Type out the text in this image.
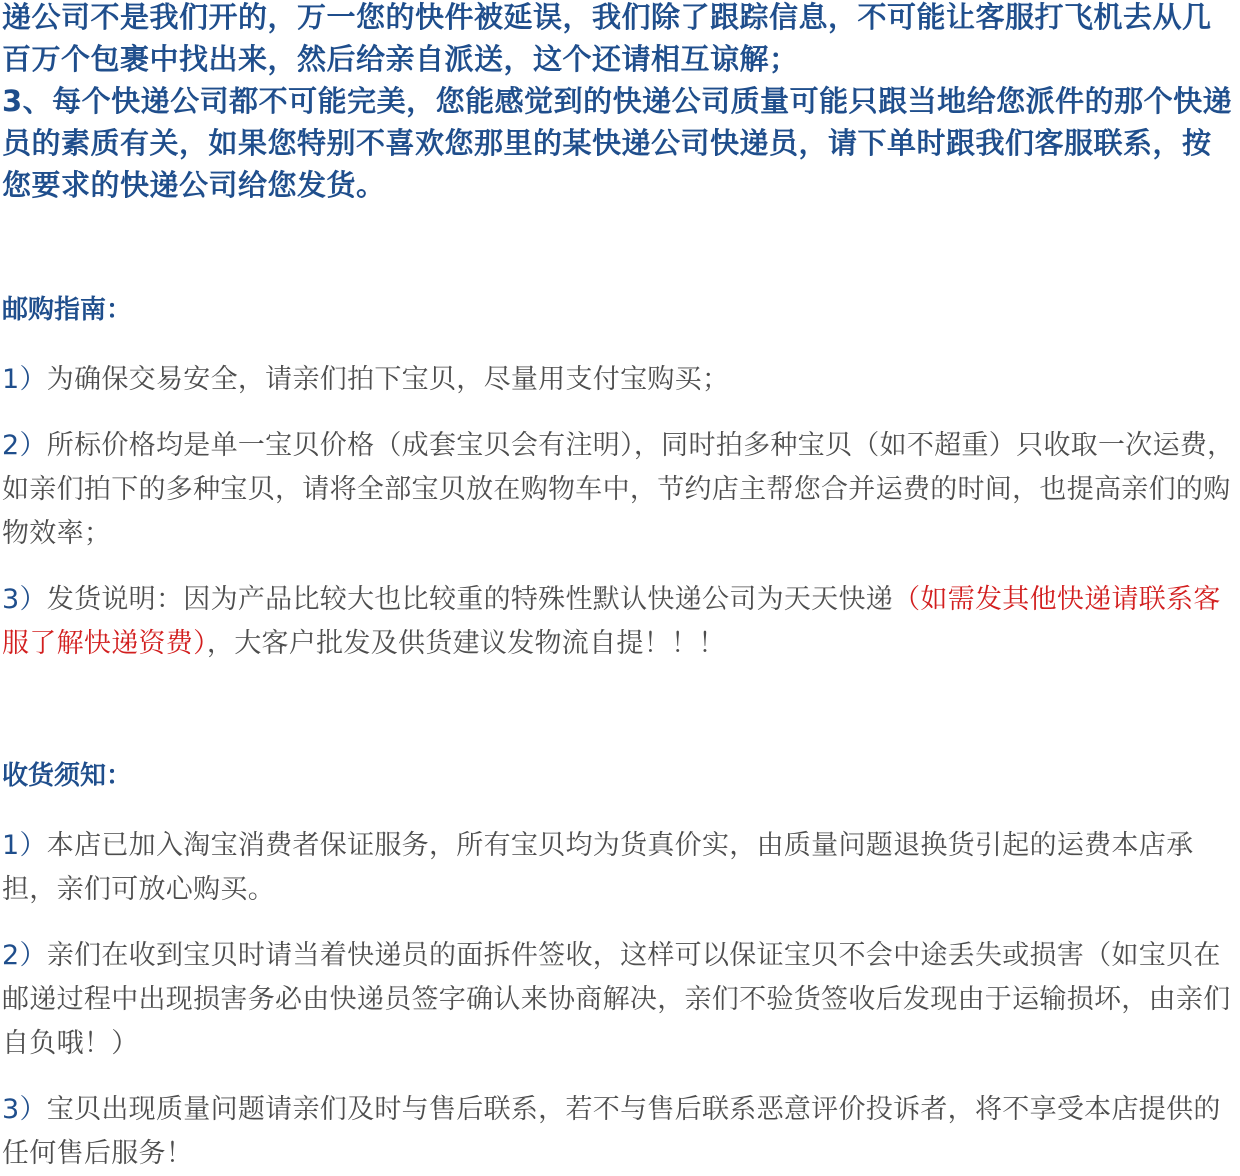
递公司不是我们开的，万一您的快件被延误，我们除了跟踪信息，不可能让客服打飞机去从几百万个包裹中找出来，然后给亲自派送，这个还请相互谅解；

3、每个快递公司都不可能完美，您能感觉到的快递公司质量可能只跟当地给您派件的那个快递员的素质有关，如果您特别不喜欢您那里的某快递公司快递员，请下单时跟我们客服联系，按您要求的快递公司给您发货。

邮购指南：

1）为确保交易安全，请亲们拍下宝贝，尽量用支付宝购买；

2）所标价格均是单一宝贝价格（成套宝贝会有注明），同时拍多种宝贝（如不超重）只收取一次运费，如亲们拍下的多种宝贝，请将全部宝贝放在购物车中，节约店主帮您合并运费的时间，也提高亲们的购物效率；

3）发货说明：因为产品比较大也比较重的特殊性默认快递公司为天天快递（如需发其他快递请联系客服了解快递资费），大客户批发及供货建议发物流自提！！！

收货须知：

1）本店已加入淘宝消费者保证服务，所有宝贝均为货真价实，由质量问题退换货引起的运费本店承担，亲们可放心购买。

2）亲们在收到宝贝时请当着快递员的面拆件签收，这样可以保证宝贝不会中途丢失或损害（如宝贝在邮递过程中出现损害务必由快递员签字确认来协商解决，亲们不验货签收后发现由于运输损坏，由亲们自负哦！）

3）宝贝出现质量问题请亲们及时与售后联系，若不与售后联系恶意评价投诉者，将不享受本店提供的任何售后服务！
